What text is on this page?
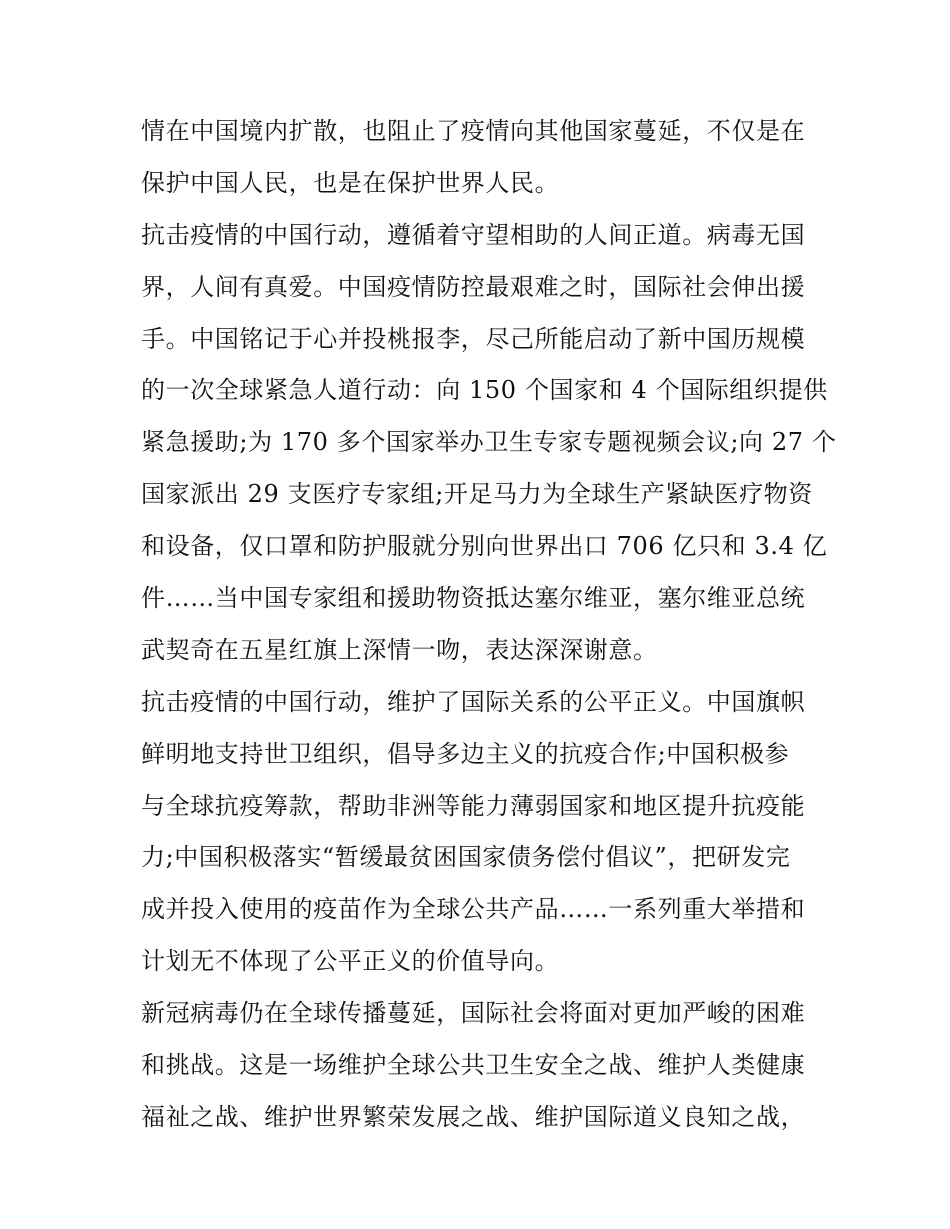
情在中国境内扩散，也阻止了疫情向其他国家蔓延，不仅是在
保护中国人民，也是在保护世界人民。
抗击疫情的中国行动，遵循着守望相助的人间正道。病毒无国
界，人间有真爱。中国疫情防控最艰难之时，国际社会伸出援
手。中国铭记于心并投桃报李，尽己所能启动了新中国历规模
的一次全球紧急人道行动：向 150 个国家和 4 个国际组织提供
紧急援助;为 170 多个国家举办卫生专家专题视频会议;向 27 个
国家派出 29 支医疗专家组;开足马力为全球生产紧缺医疗物资
和设备，仅口罩和防护服就分别向世界出口 706 亿只和 3.4 亿
件……当中国专家组和援助物资抵达塞尔维亚，塞尔维亚总统
武契奇在五星红旗上深情一吻，表达深深谢意。
抗击疫情的中国行动，维护了国际关系的公平正义。中国旗帜
鲜明地支持世卫组织，倡导多边主义的抗疫合作;中国积极参
与全球抗疫筹款，帮助非洲等能力薄弱国家和地区提升抗疫能
力;中国积极落实“暂缓最贫困国家债务偿付倡议”，把研发完
成并投入使用的疫苗作为全球公共产品……一系列重大举措和
计划无不体现了公平正义的价值导向。
新冠病毒仍在全球传播蔓延，国际社会将面对更加严峻的困难
和挑战。这是一场维护全球公共卫生安全之战、维护人类健康
福祉之战、维护世界繁荣发展之战、维护国际道义良知之战，
